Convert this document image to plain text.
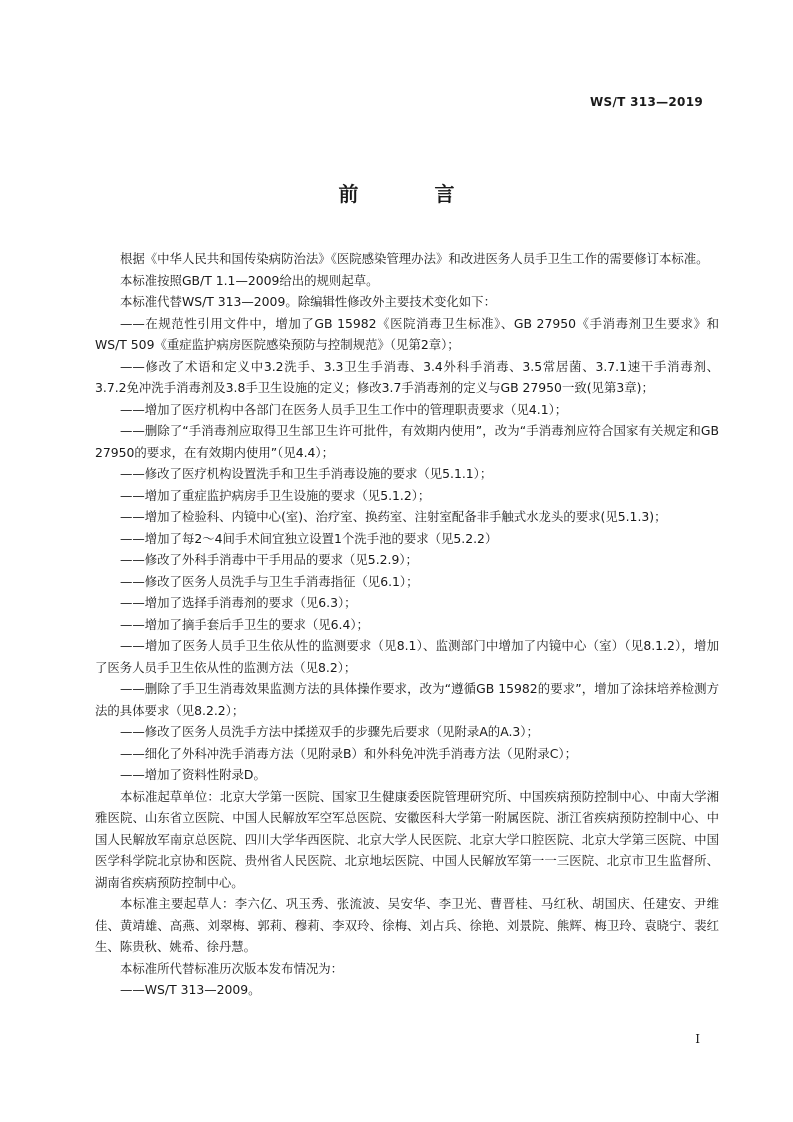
WS/T 313—2019
前　言

根据《中华人民共和国传染病防治法》《医院感染管理办法》和改进医务人员手卫生工作的需要修订本标准。

本标准按照GB/T 1.1—2009给出的规则起草。

本标准代替WS/T 313—2009。除编辑性修改外主要技术变化如下：

——在规范性引用文件中，增加了GB 15982《医院消毒卫生标准》、GB 27950《手消毒剂卫生要求》和WS/T 509《重症监护病房医院感染预防与控制规范》（见第2章）；

——修改了术语和定义中3.2洗手、3.3卫生手消毒、3.4外科手消毒、3.5常居菌、3.7.1速干手消毒剂、3.7.2免冲洗手消毒剂及3.8手卫生设施的定义；修改3.7手消毒剂的定义与GB 27950一致(见第3章)；

——增加了医疗机构中各部门在医务人员手卫生工作中的管理职责要求（见4.1）；

——删除了“手消毒剂应取得卫生部卫生许可批件，有效期内使用”，改为“手消毒剂应符合国家有关规定和GB 27950的要求，在有效期内使用”（见4.4）；

——修改了医疗机构设置洗手和卫生手消毒设施的要求（见5.1.1）；

——增加了重症监护病房手卫生设施的要求（见5.1.2）；

——增加了检验科、内镜中心(室)、治疗室、换药室、注射室配备非手触式水龙头的要求(见5.1.3)；

——增加了每2～4间手术间宜独立设置1个洗手池的要求（见5.2.2）

——修改了外科手消毒中干手用品的要求（见5.2.9）；

——修改了医务人员洗手与卫生手消毒指征（见6.1）；

——增加了选择手消毒剂的要求（见6.3）；

——增加了摘手套后手卫生的要求（见6.4）；

——增加了医务人员手卫生依从性的监测要求（见8.1）、监测部门中增加了内镜中心（室）（见8.1.2），增加了医务人员手卫生依从性的监测方法（见8.2）；

——删除了手卫生消毒效果监测方法的具体操作要求，改为“遵循GB 15982的要求”，增加了涂抹培养检测方法的具体要求（见8.2.2）；

——修改了医务人员洗手方法中揉搓双手的步骤先后要求（见附录A的A.3）；

——细化了外科冲洗手消毒方法（见附录B）和外科免冲洗手消毒方法（见附录C）；

——增加了资料性附录D。

本标准起草单位：北京大学第一医院、国家卫生健康委医院管理研究所、中国疾病预防控制中心、中南大学湘雅医院、山东省立医院、中国人民解放军空军总医院、安徽医科大学第一附属医院、浙江省疾病预防控制中心、中国人民解放军南京总医院、四川大学华西医院、北京大学人民医院、北京大学口腔医院、北京大学第三医院、中国医学科学院北京协和医院、贵州省人民医院、北京地坛医院、中国人民解放军第一一三医院、北京市卫生监督所、湖南省疾病预防控制中心。

本标准主要起草人：李六亿、巩玉秀、张流波、吴安华、李卫光、曹晋桂、马红秋、胡国庆、任建安、尹维佳、黄靖雄、高燕、刘翠梅、郭莉、穆莉、李双玲、徐梅、刘占兵、徐艳、刘景院、熊辉、梅卫玲、袁晓宁、裴红生、陈贵秋、姚希、徐丹慧。

本标准所代替标准历次版本发布情况为：

——WS/T 313—2009。

I
